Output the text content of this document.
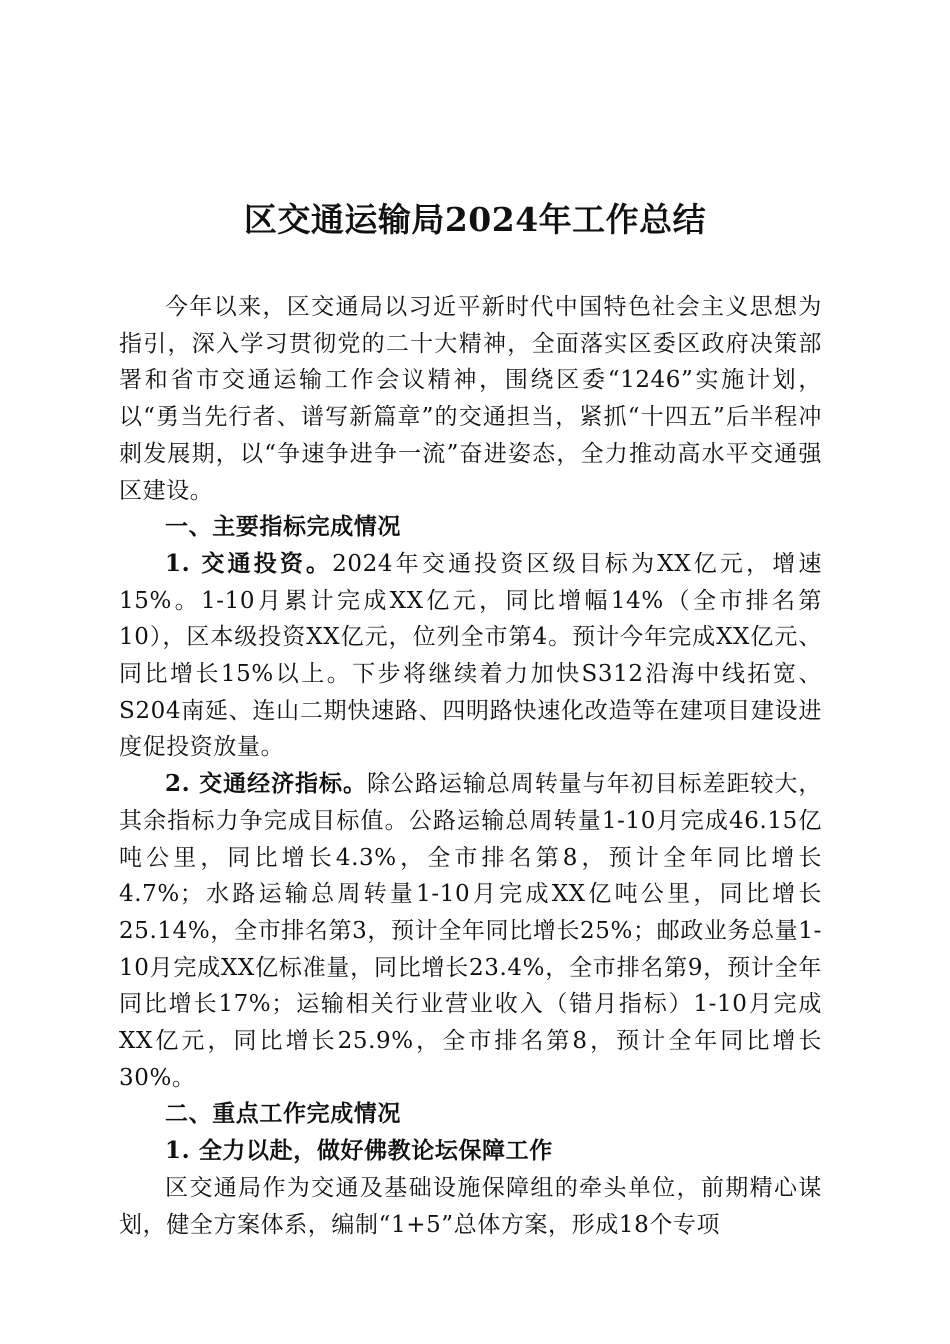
区交通运输局2024年工作总结

今年以来，区交通局以习近平新时代中国特色社会主义思想为指引，深入学习贯彻党的二十大精神，全面落实区委区政府决策部署和省市交通运输工作会议精神，围绕区委“1246”实施计划，以“勇当先行者、谱写新篇章”的交通担当，紧抓“十四五”后半程冲刺发展期，以“争速争进争一流”奋进姿态，全力推动高水平交通强区建设。

一、主要指标完成情况

1. 交通投资。2024年交通投资区级目标为XX亿元，增速15%。1-10月累计完成XX亿元，同比增幅14%（全市排名第10），区本级投资XX亿元，位列全市第4。预计今年完成XX亿元、同比增长15%以上。下步将继续着力加快S312沿海中线拓宽、S204南延、连山二期快速路、四明路快速化改造等在建项目建设进度促投资放量。

2. 交通经济指标。除公路运输总周转量与年初目标差距较大，其余指标力争完成目标值。公路运输总周转量1-10月完成46.15亿吨公里，同比增长4.3%，全市排名第8，预计全年同比增长4.7%；水路运输总周转量1-10月完成XX亿吨公里，同比增长25.14%，全市排名第3，预计全年同比增长25%；邮政业务总量1-10月完成XX亿标准量，同比增长23.4%，全市排名第9，预计全年同比增长17%；运输相关行业营业收入（错月指标）1-10月完成XX亿元，同比增长25.9%，全市排名第8，预计全年同比增长30%。

二、重点工作完成情况
1. 全力以赴，做好佛教论坛保障工作

区交通局作为交通及基础设施保障组的牵头单位，前期精心谋划，健全方案体系，编制“1+5”总体方案，形成18个专项
